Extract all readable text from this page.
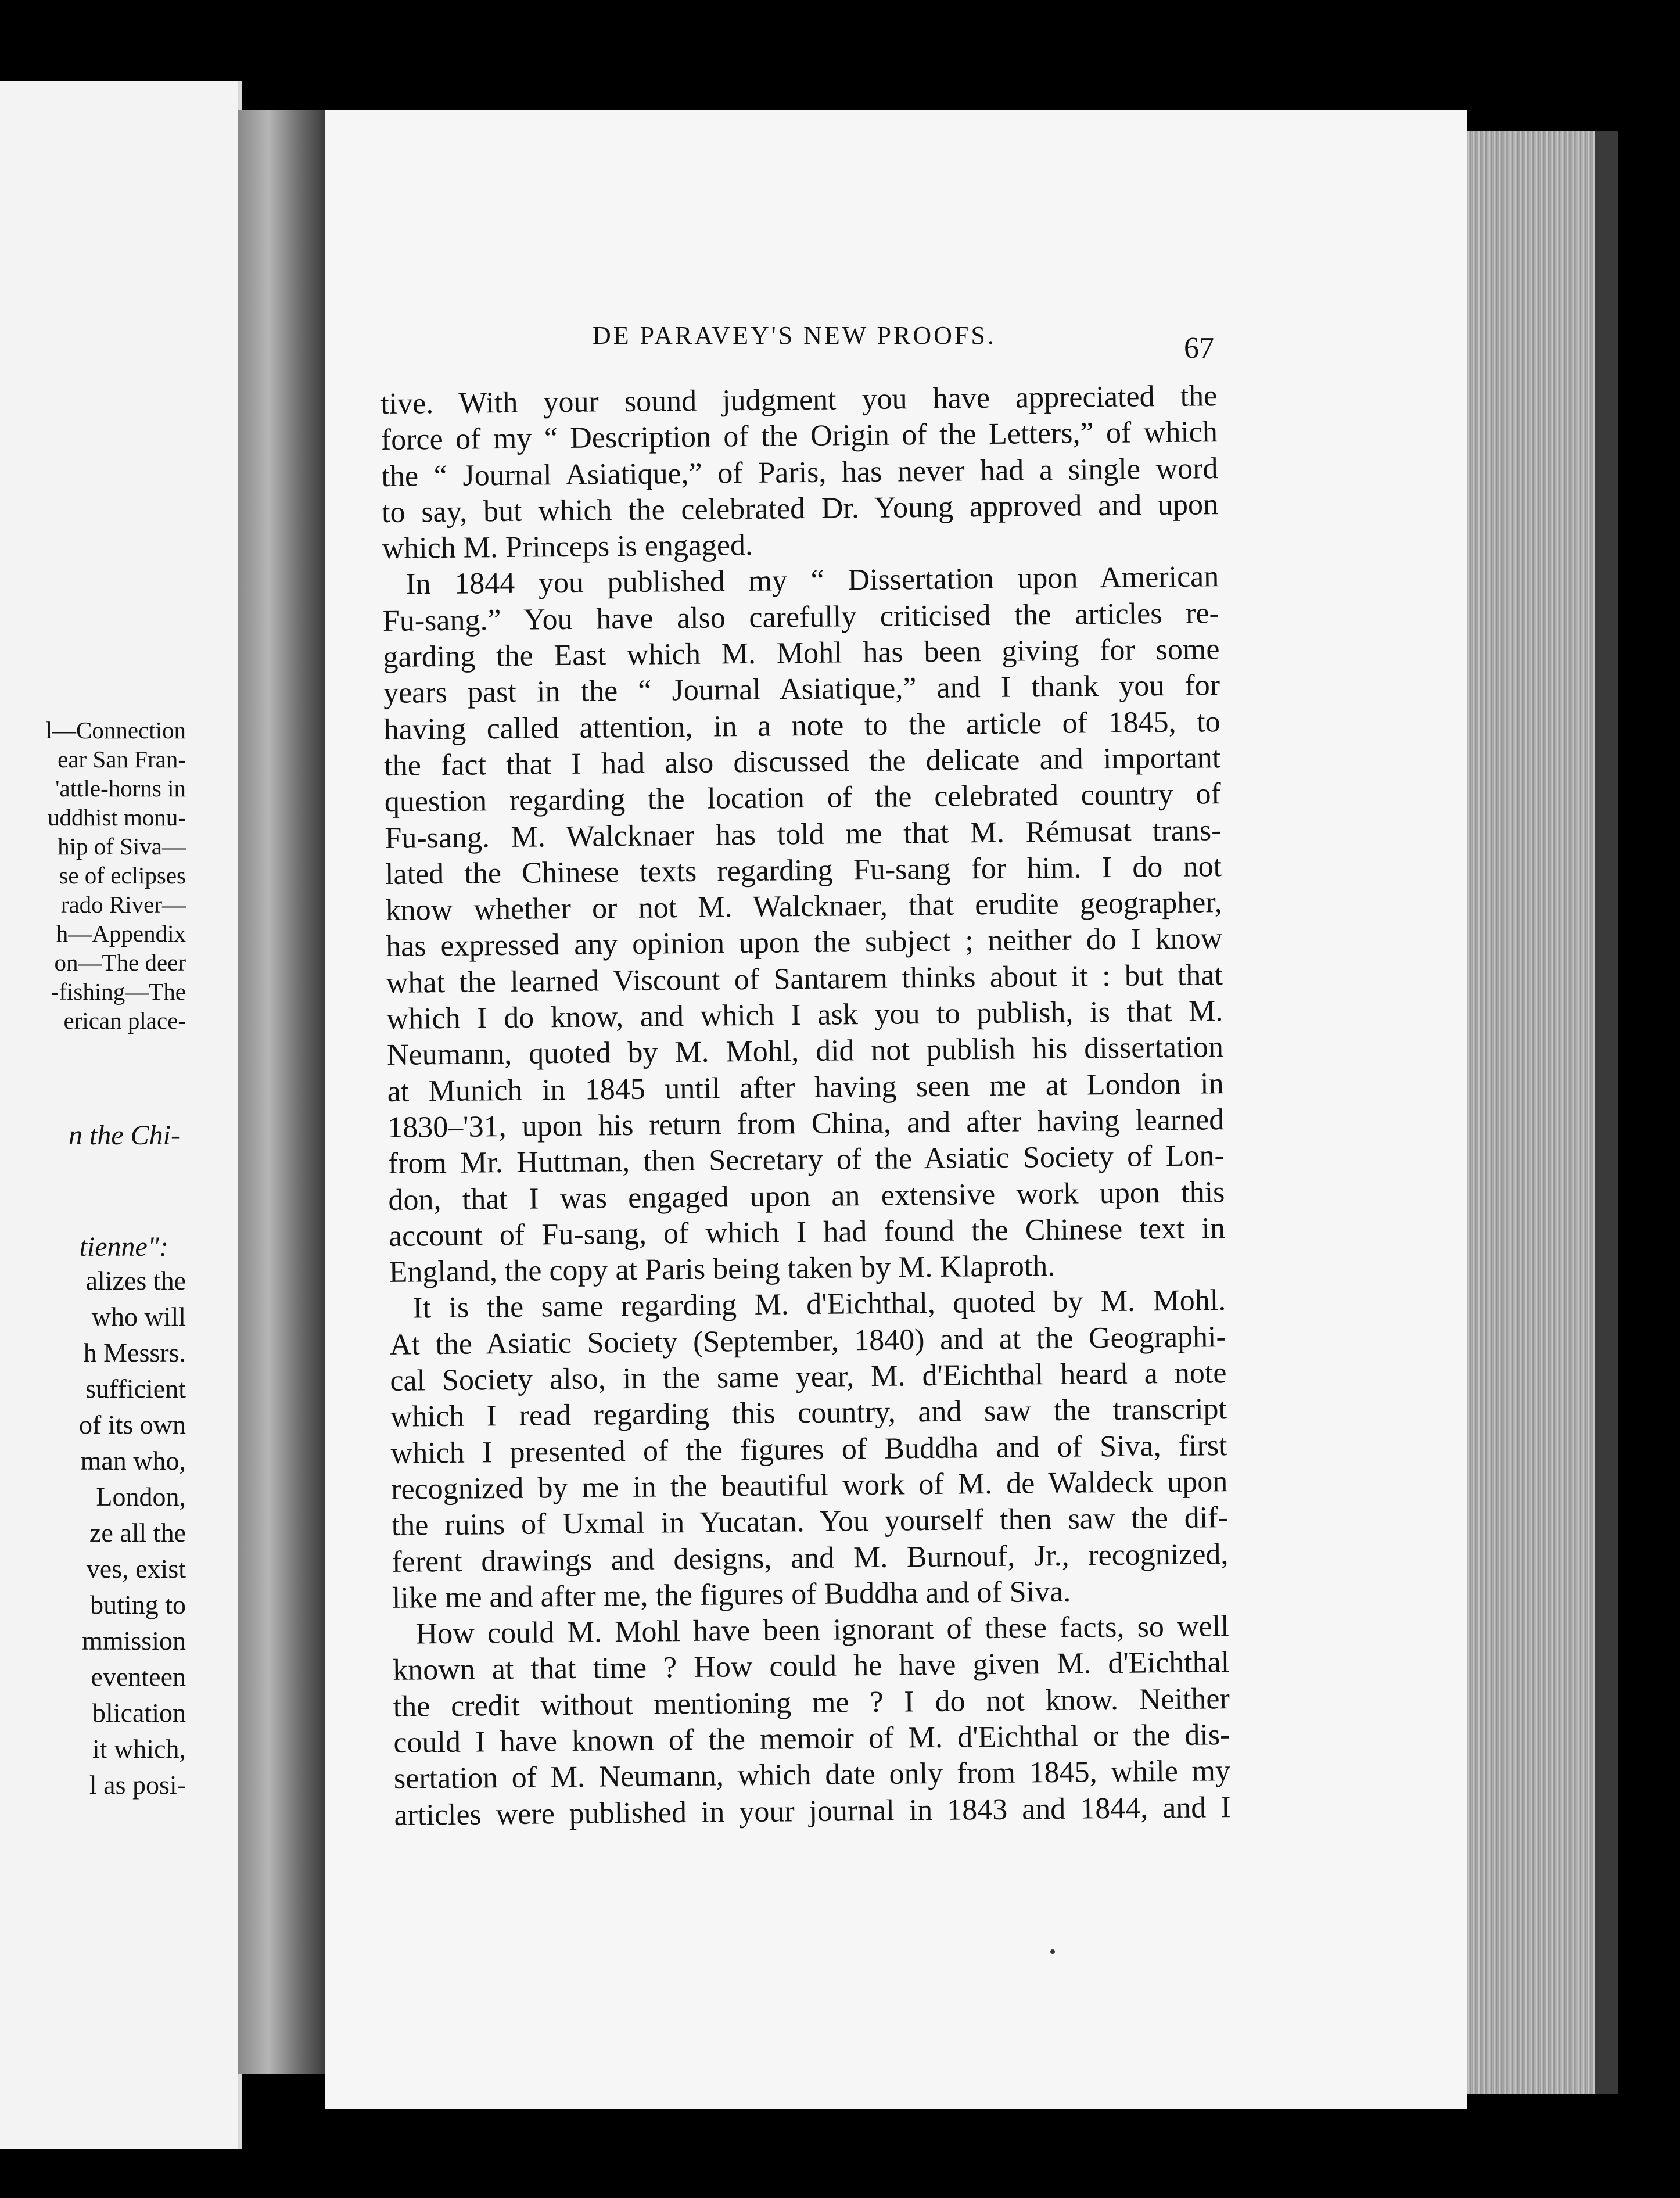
l—Connection
ear San Fran-
'attle-horns in
uddhist monu-
hip of Siva—
se of eclipses
rado River—
h—Appendix
on—The deer
-fishing—The
erican place-
n the Chi-
tienne":
alizes the
who will
h Messrs.
sufficient
of its own
man who,
London,
ze all the
ves, exist
buting to
mmission
eventeen
blication
it which,
l as posi-
DE PARAVEY'S NEW PROOFS.	67
tive. With your sound judgment you have appreciated the
force of my “ Description of the Origin of the Letters,” of which
the “ Journal Asiatique,” of Paris, has never had a single word
to say, but which the celebrated Dr. Young approved and upon
which M. Princeps is engaged.
In 1844 you published my “ Dissertation upon American
Fu-sang.” You have also carefully criticised the articles re-
garding the East which M. Mohl has been giving for some
years past in the “ Journal Asiatique,” and I thank you for
having called attention, in a note to the article of 1845, to
the fact that I had also discussed the delicate and important
question regarding the location of the celebrated country of
Fu-sang. M. Walcknaer has told me that M. Rémusat trans-
lated the Chinese texts regarding Fu-sang for him. I do not
know whether or not M. Walcknaer, that erudite geographer,
has expressed any opinion upon the subject ; neither do I know
what the learned Viscount of Santarem thinks about it : but that
which I do know, and which I ask you to publish, is that M.
Neumann, quoted by M. Mohl, did not publish his dissertation
at Munich in 1845 until after having seen me at London in
1830–'31, upon his return from China, and after having learned
from Mr. Huttman, then Secretary of the Asiatic Society of Lon-
don, that I was engaged upon an extensive work upon this
account of Fu-sang, of which I had found the Chinese text in
England, the copy at Paris being taken by M. Klaproth.
It is the same regarding M. d'Eichthal, quoted by M. Mohl.
At the Asiatic Society (September, 1840) and at the Geographi-
cal Society also, in the same year, M. d'Eichthal heard a note
which I read regarding this country, and saw the transcript
which I presented of the figures of Buddha and of Siva, first
recognized by me in the beautiful work of M. de Waldeck upon
the ruins of Uxmal in Yucatan. You yourself then saw the dif-
ferent drawings and designs, and M. Burnouf, Jr., recognized,
like me and after me, the figures of Buddha and of Siva.
How could M. Mohl have been ignorant of these facts, so well
known at that time ? How could he have given M. d'Eichthal
the credit without mentioning me ? I do not know. Neither
could I have known of the memoir of M. d'Eichthal or the dis-
sertation of M. Neumann, which date only from 1845, while my
articles were published in your journal in 1843 and 1844, and I
